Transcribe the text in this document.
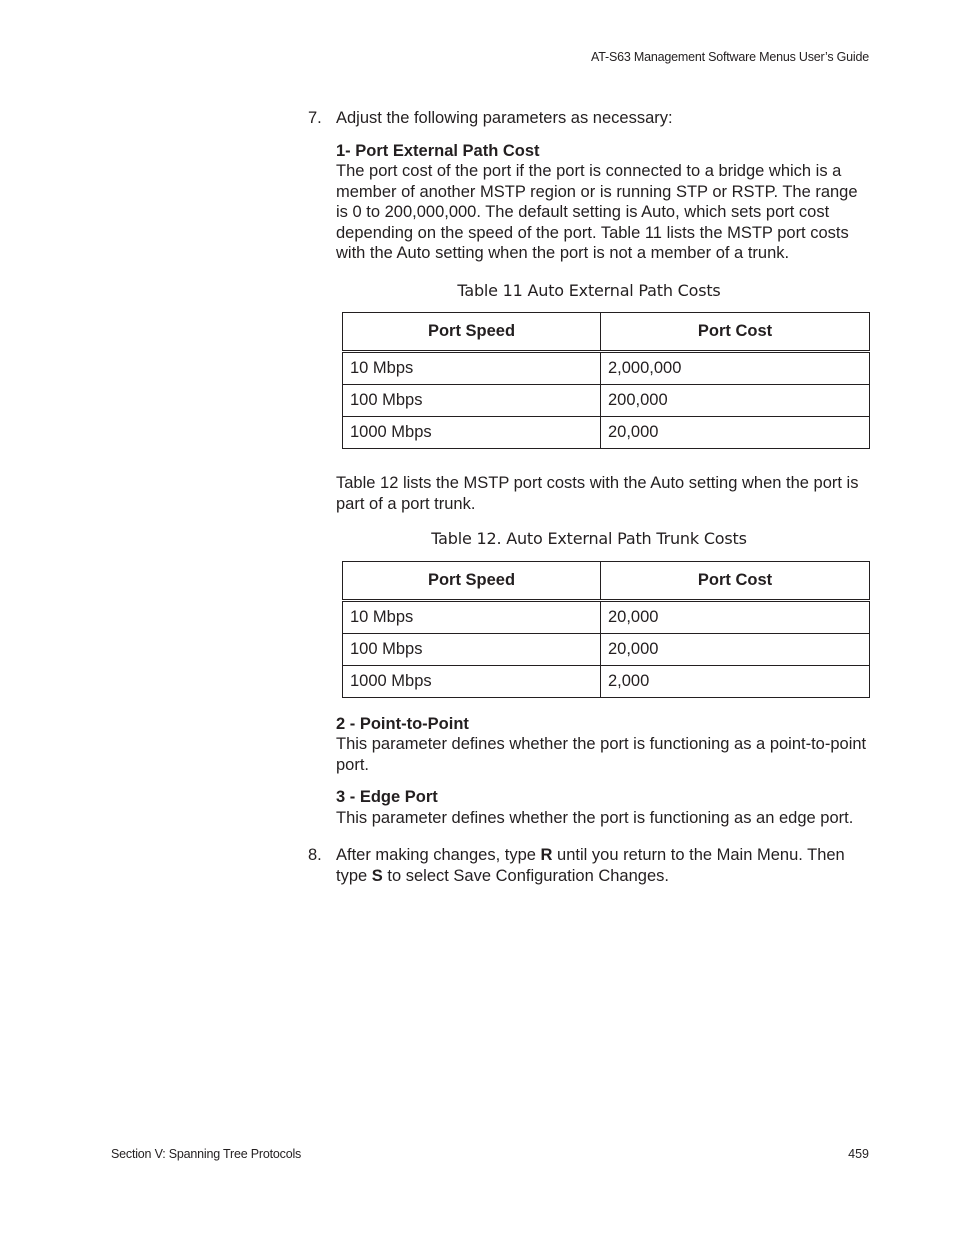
AT-S63 Management Software Menus User’s Guide
7. Adjust the following parameters as necessary:

1- Port External Path Cost

The port cost of the port if the port is connected to a bridge which is a member of another MSTP region or is running STP or RSTP. The range is 0 to 200,000,000. The default setting is Auto, which sets port cost depending on the speed of the port. Table 11 lists the MSTP port costs with the Auto setting when the port is not a member of a trunk.

Table 11 Auto External Path Costs
Port Speed	Port Cost
10 Mbps	2,000,000
100 Mbps	200,000
1000 Mbps	20,000

Table 12 lists the MSTP port costs with the Auto setting when the port is part of a port trunk.

Table 12. Auto External Path Trunk Costs
Port Speed	Port Cost
10 Mbps	20,000
100 Mbps	20,000
1000 Mbps	2,000
2 - Point-to-Point

This parameter defines whether the port is functioning as a point-to-point port.

3 - Edge Port

This parameter defines whether the port is functioning as an edge port.

8. After making changes, type R until you return to the Main Menu. Then type S to select Save Configuration Changes.

Section V: Spanning Tree Protocols	459
